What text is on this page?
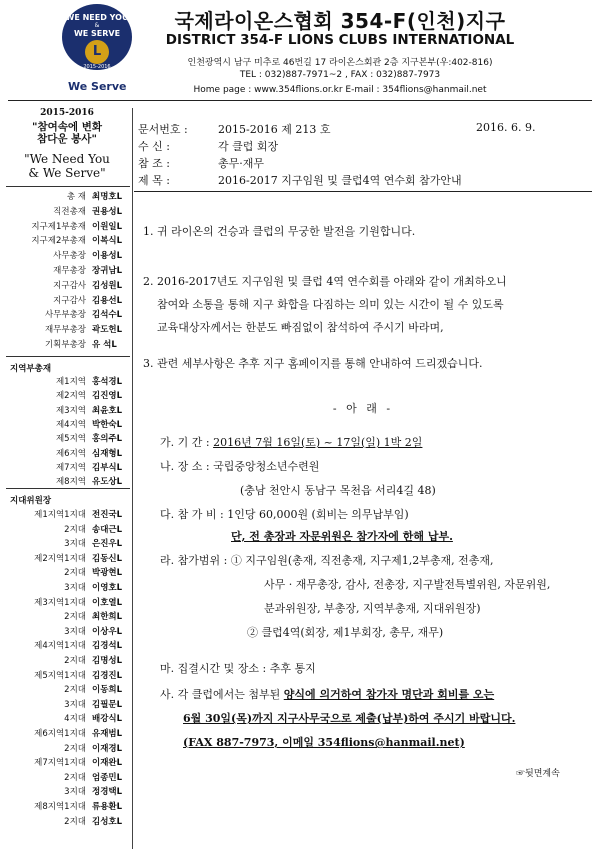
WE NEED YOU
&
WE SERVE
L
2015-2016
국제라이온스협회 354-F(인천)지구
DISTRICT 354-F LIONS CLUBS INTERNATIONAL
인천광역시 남구 미추로 46번길 17 라이온스회관 2층 지구본부(우:402-816)
TEL : 032)887-7971~2 , FAX : 032)887-7973
Home page : www.354flions.or.kr E-mail : 354flions@hanmail.net
We Serve
2015-2016
"참여속에 변화
참다운 봉사"
"We Need You
& We Serve"
총 재 최명호L
직전총재 권용성L
지구제1부총재 이원일L
지구제2부총재 이복식L
사무총장 이용성L
재무총장 장귀남L
지구감사 김성원L
지구감사 김용선L
사무부총장 김석수L
재무부총장 곽도헌L
기획부총장 유 석L
지역부총재
제1지역 홍석경L
제2지역 김진영L
제3지역 최윤호L
제4지역 박한숙L
제5지역 홍의주L
제6지역 심재형L
제7지역 김부식L
제8지역 유도상L
지대위원장
제1지역1지대 전진국L
2지대 송대근L
3지대 은진우L
제2지역1지대 김동신L
2지대 박광현L
3지대 이영호L
제3지역1지대 이호열L
2지대 최한희L
3지대 이상우L
제4지역1지대 김경석L
2지대 김명성L
제5지역1지대 김경진L
2지대 이동희L
3지대 김필문L
4지대 배강식L
제6지역1지대 유재범L
2지대 이재경L
제7지역1지대 이재완L
2지대 엄종민L
3지대 정경택L
제8지역1지대 류용환L
2지대 김성호L
문서번호 :	2015-2016 제 213 호	2016. 6. 9.
수 신 :	각 클럽 회장
참 조 :	총무·재무
제 목 :	2016-2017 지구임원 및 클럽4역 연수회 참가안내
1. 귀 라이온의 건승과 클럽의 무궁한 발전을 기원합니다.
2. 2016-2017년도 지구임원 및 클럽 4역 연수회를 아래와 같이 개최하오니
참여와 소통을 통해 지구 화합을 다짐하는 의미 있는 시간이 될 수 있도록
교육대상자께서는 한분도 빠짐없이 참석하여 주시기 바라며,
3. 관련 세부사항은 추후 지구 홈페이지를 통해 안내하여 드리겠습니다.
- 아 래 -
가. 기 간 : 2016년 7월 16일(토) ~ 17일(일) 1박 2일
나. 장 소 : 국립중앙청소년수련원
(충남 천안시 동남구 목천읍 서리4길 48)
다. 참 가 비 : 1인당 60,000원 (회비는 의무납부임)
단, 전 총장과 자문위원은 참가자에 한해 납부.
라. 참가범위 : ① 지구임원(총재, 직전총재, 지구제1,2부총재, 전총재,
사무 · 재무총장, 감사, 전총장, 지구발전특별위원, 자문위원,
분과위원장, 부총장, 지역부총재, 지대위원장)
② 클럽4역(회장, 제1부회장, 총무, 재무)
마. 집결시간 및 장소 : 추후 통지
사. 각 클럽에서는 첨부된 양식에 의거하여 참가자 명단과 회비를 오는
6월 30일(목)까지 지구사무국으로 제출(납부)하여 주시기 바랍니다.
(FAX 887-7973, 이메일 354flions@hanmail.net)
☞뒷면계속
